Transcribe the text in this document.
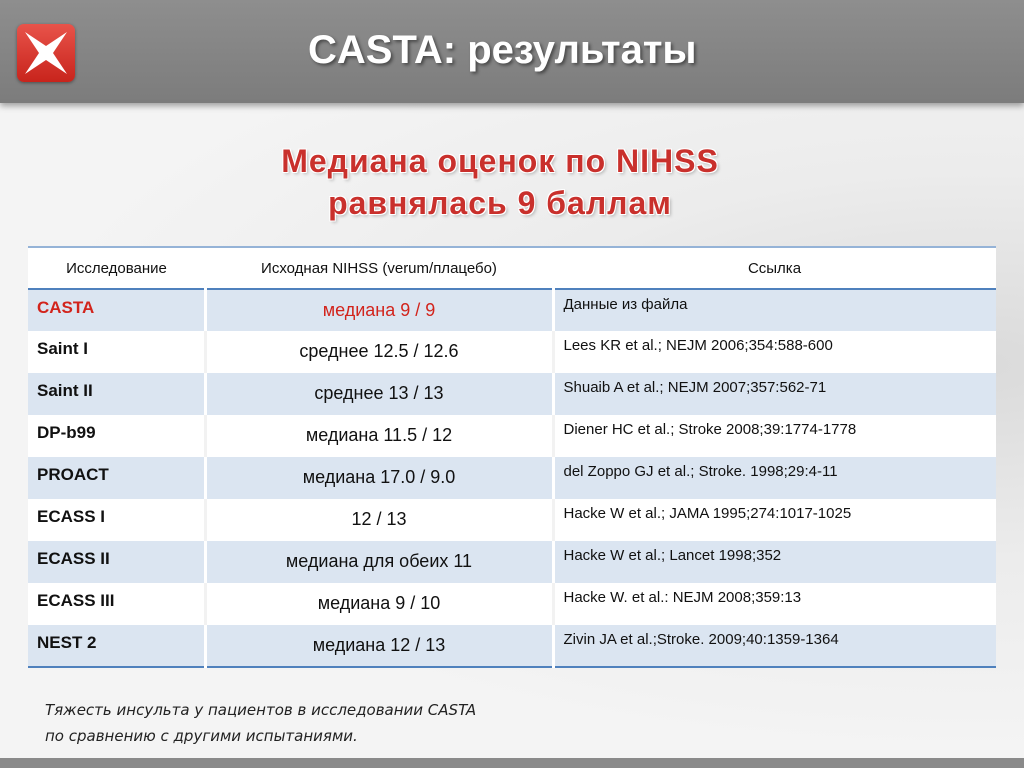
CASTA: результаты
Медиана оценок по NIHSS
равнялась 9 баллам
Исследование	Исходная NIHSS (verum/плацебо)	Ссылка
CASTA	медиана 9 / 9	Данные из файла
Saint I	среднее 12.5 / 12.6	Lees KR et al.; NEJM 2006;354:588-600
Saint II	среднее 13 / 13	Shuaib A et al.; NEJM 2007;357:562-71
DP-b99	медиана 11.5 / 12	Diener HC et al.; Stroke 2008;39:1774-1778
PROACT	медиана 17.0 / 9.0	del Zoppo GJ et al.; Stroke. 1998;29:4-11
ECASS I	12 / 13	Hacke W et al.; JAMA 1995;274:1017-1025
ECASS II	медиана для обеих 11	Hacke W et al.; Lancet 1998;352
ECASS III	медиана 9 / 10	Hacke W. et al.: NEJM 2008;359:13
NEST 2	медиана 12 / 13	Zivin JA et al.;Stroke. 2009;40:1359-1364
Тяжесть инсульта у пациентов в исследовании CASTA
по сравнению с другими испытаниями.
